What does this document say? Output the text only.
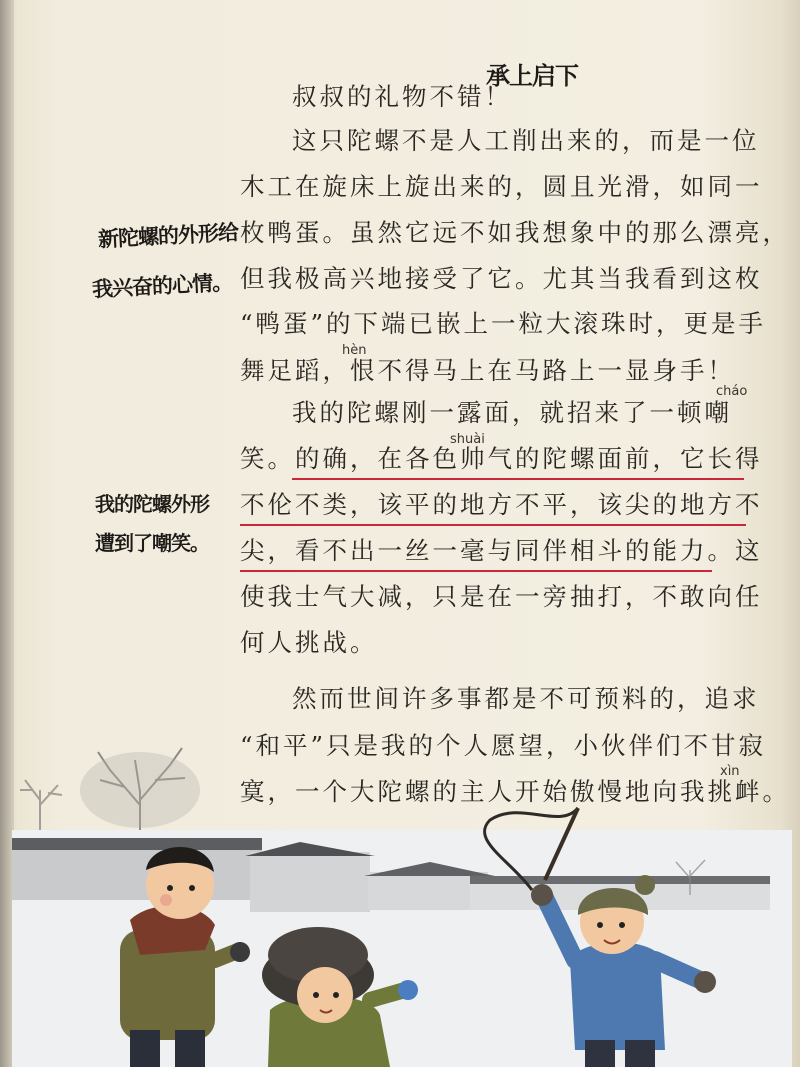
承上启下
新陀螺的外形给
我兴奋的心情。
我的陀螺外形
遭到了嘲笑。
叔叔的礼物不错！
这只陀螺不是人工削出来的，而是一位
木工在旋床上旋出来的，圆且光滑，如同一
枚鸭蛋。虽然它远不如我想象中的那么漂亮，
但我极高兴地接受了它。尤其当我看到这枚
“鸭蛋”的下端已嵌上一粒大滚珠时，更是手
hèn
舞足蹈，恨不得马上在马路上一显身手！
cháo
我的陀螺刚一露面，就招来了一顿嘲
shuài
笑。的确，在各色帅气的陀螺面前，它长得
不伦不类，该平的地方不平，该尖的地方不
尖，看不出一丝一毫与同伴相斗的能力。这
使我士气大减，只是在一旁抽打，不敢向任
何人挑战。
然而世间许多事都是不可预料的，追求
“和平”只是我的个人愿望，小伙伴们不甘寂
xìn
寞，一个大陀螺的主人开始傲慢地向我挑衅。
